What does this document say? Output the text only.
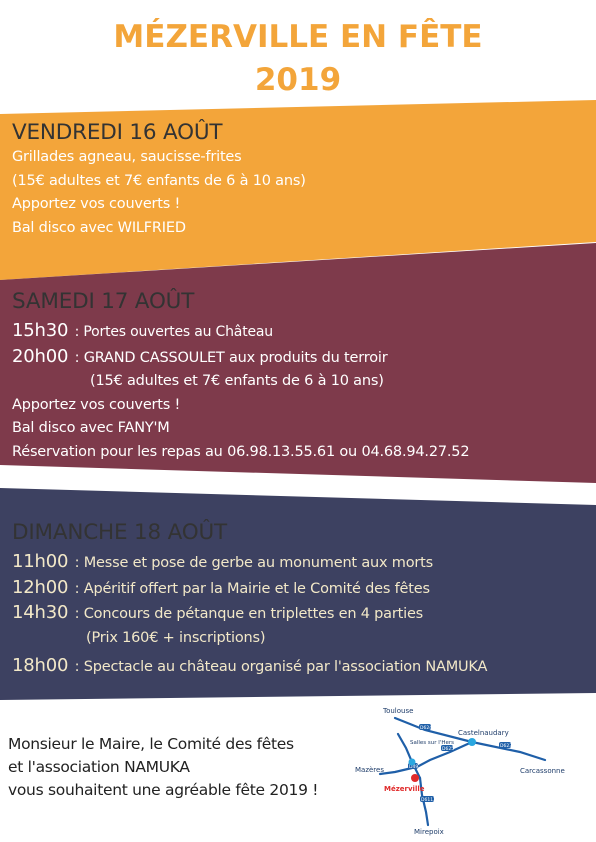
MÉZERVILLE EN FÊTE
2019
VENDREDI 16 AOÛT
Grillades agneau, saucisse-frites
(15€ adultes et 7€ enfants de 6 à 10 ans)
Apportez vos couverts !
Bal disco avec WILFRIED
SAMEDI 17 AOÛT
15h30 : Portes ouvertes au Château
20h00 : GRAND CASSOULET aux produits du terroir
(15€ adultes et 7€ enfants de 6 à 10 ans)
Apportez vos couverts !
Bal disco avec FANY'M
Réservation pour les repas au 06.98.13.55.61 ou 04.68.94.27.52
DIMANCHE 18 AOÛT
11h00 : Messe et pose de gerbe au monument aux morts
12h00 : Apéritif offert par la Mairie et le Comité des fêtes
14h30 : Concours de pétanque en triplettes en 4 parties
(Prix 160€ + inscriptions)
18h00 : Spectacle au château organisé par l'association NAMUKA
Monsieur le Maire, le Comité des fêtes
et l'association NAMUKA
vous souhaitent une agréable fête 2019 !
D624
D625
D623
D49
D6113
Toulouse
Castelnaudary
Salles sur l'Hers
Mazères	Carcassonne
Mézerville
Mirepoix
